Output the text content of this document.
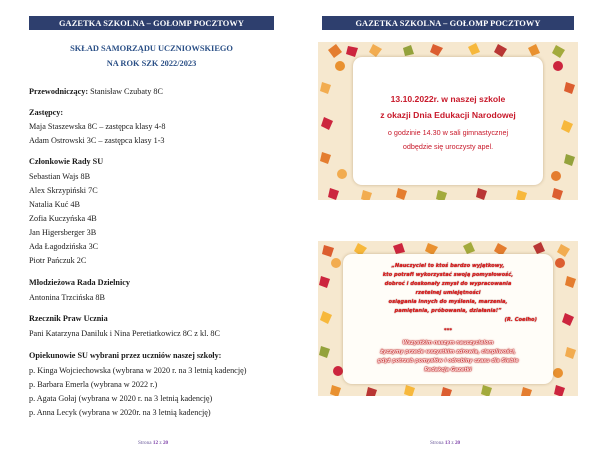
GAZETKA SZKOLNA – GOŁOMP POCZTOWY
SKŁAD SAMORZĄDU UCZNIOWSKIEGO
NA ROK SZK 2022/2023
Przewodniczący: Stanisław Czubaty 8C
Zastępcy:
Maja Staszewska 8C – zastępca klasy 4-8
Adam Ostrowski 3C – zastępca klasy 1-3
Członkowie Rady SU
Sebastian Wajs 8B
Alex Skrzypiński 7C
Natalia Kuć 4B
Zofia Kuczyńska 4B
Jan Higersberger 3B
Ada Łagodzińska 3C
Piotr Pańczuk 2C
Młodzieżowa Rada Dzielnicy
Antonina Trzcińska 8B
Rzecznik Praw Ucznia
Pani Katarzyna Daniluk i Nina Peretiatkowicz 8C z kl. 8C
Opiekunowie SU wybrani przez uczniów naszej szkoły:
p. Kinga Wojciechowska (wybrana w 2020 r. na 3 letnią kadencję)
p. Barbara Emerla (wybrana w 2022 r.)
p. Agata Gołaj (wybrana w 2020 r. na 3 letnią kadencję)
p. Anna Lecyk (wybrana w 2020r. na 3 letnią kadencję)
Strona 12 z 20
GAZETKA SZKOLNA – GOŁOMP POCZTOWY
13.10.2022r. w naszej szkole
z okazji Dnia Edukacji Narodowej
o godzinie 14.30 w sali gimnastycznej
odbędzie się uroczysty apel.
„Nauczyciel to ktoś bardzo wyjątkowy,
kto potrafi wykorzystać swoją pomysłowość,
dobroć i doskonały zmysł do wypracowania
rzetelnej umiejętności
osiągania innych do myślenia, marzenia,
pamiętania, próbowania, działania!”
(R. Coelho)
***
Wszystkim naszym nauczycielom
życzymy przede wszystkim zdrowia, cierpliwości,
gdyż potrzeb pomysłów i odrobiny czasu dla Siebie
Redakcja Gazetki
Strona 13 z 20
